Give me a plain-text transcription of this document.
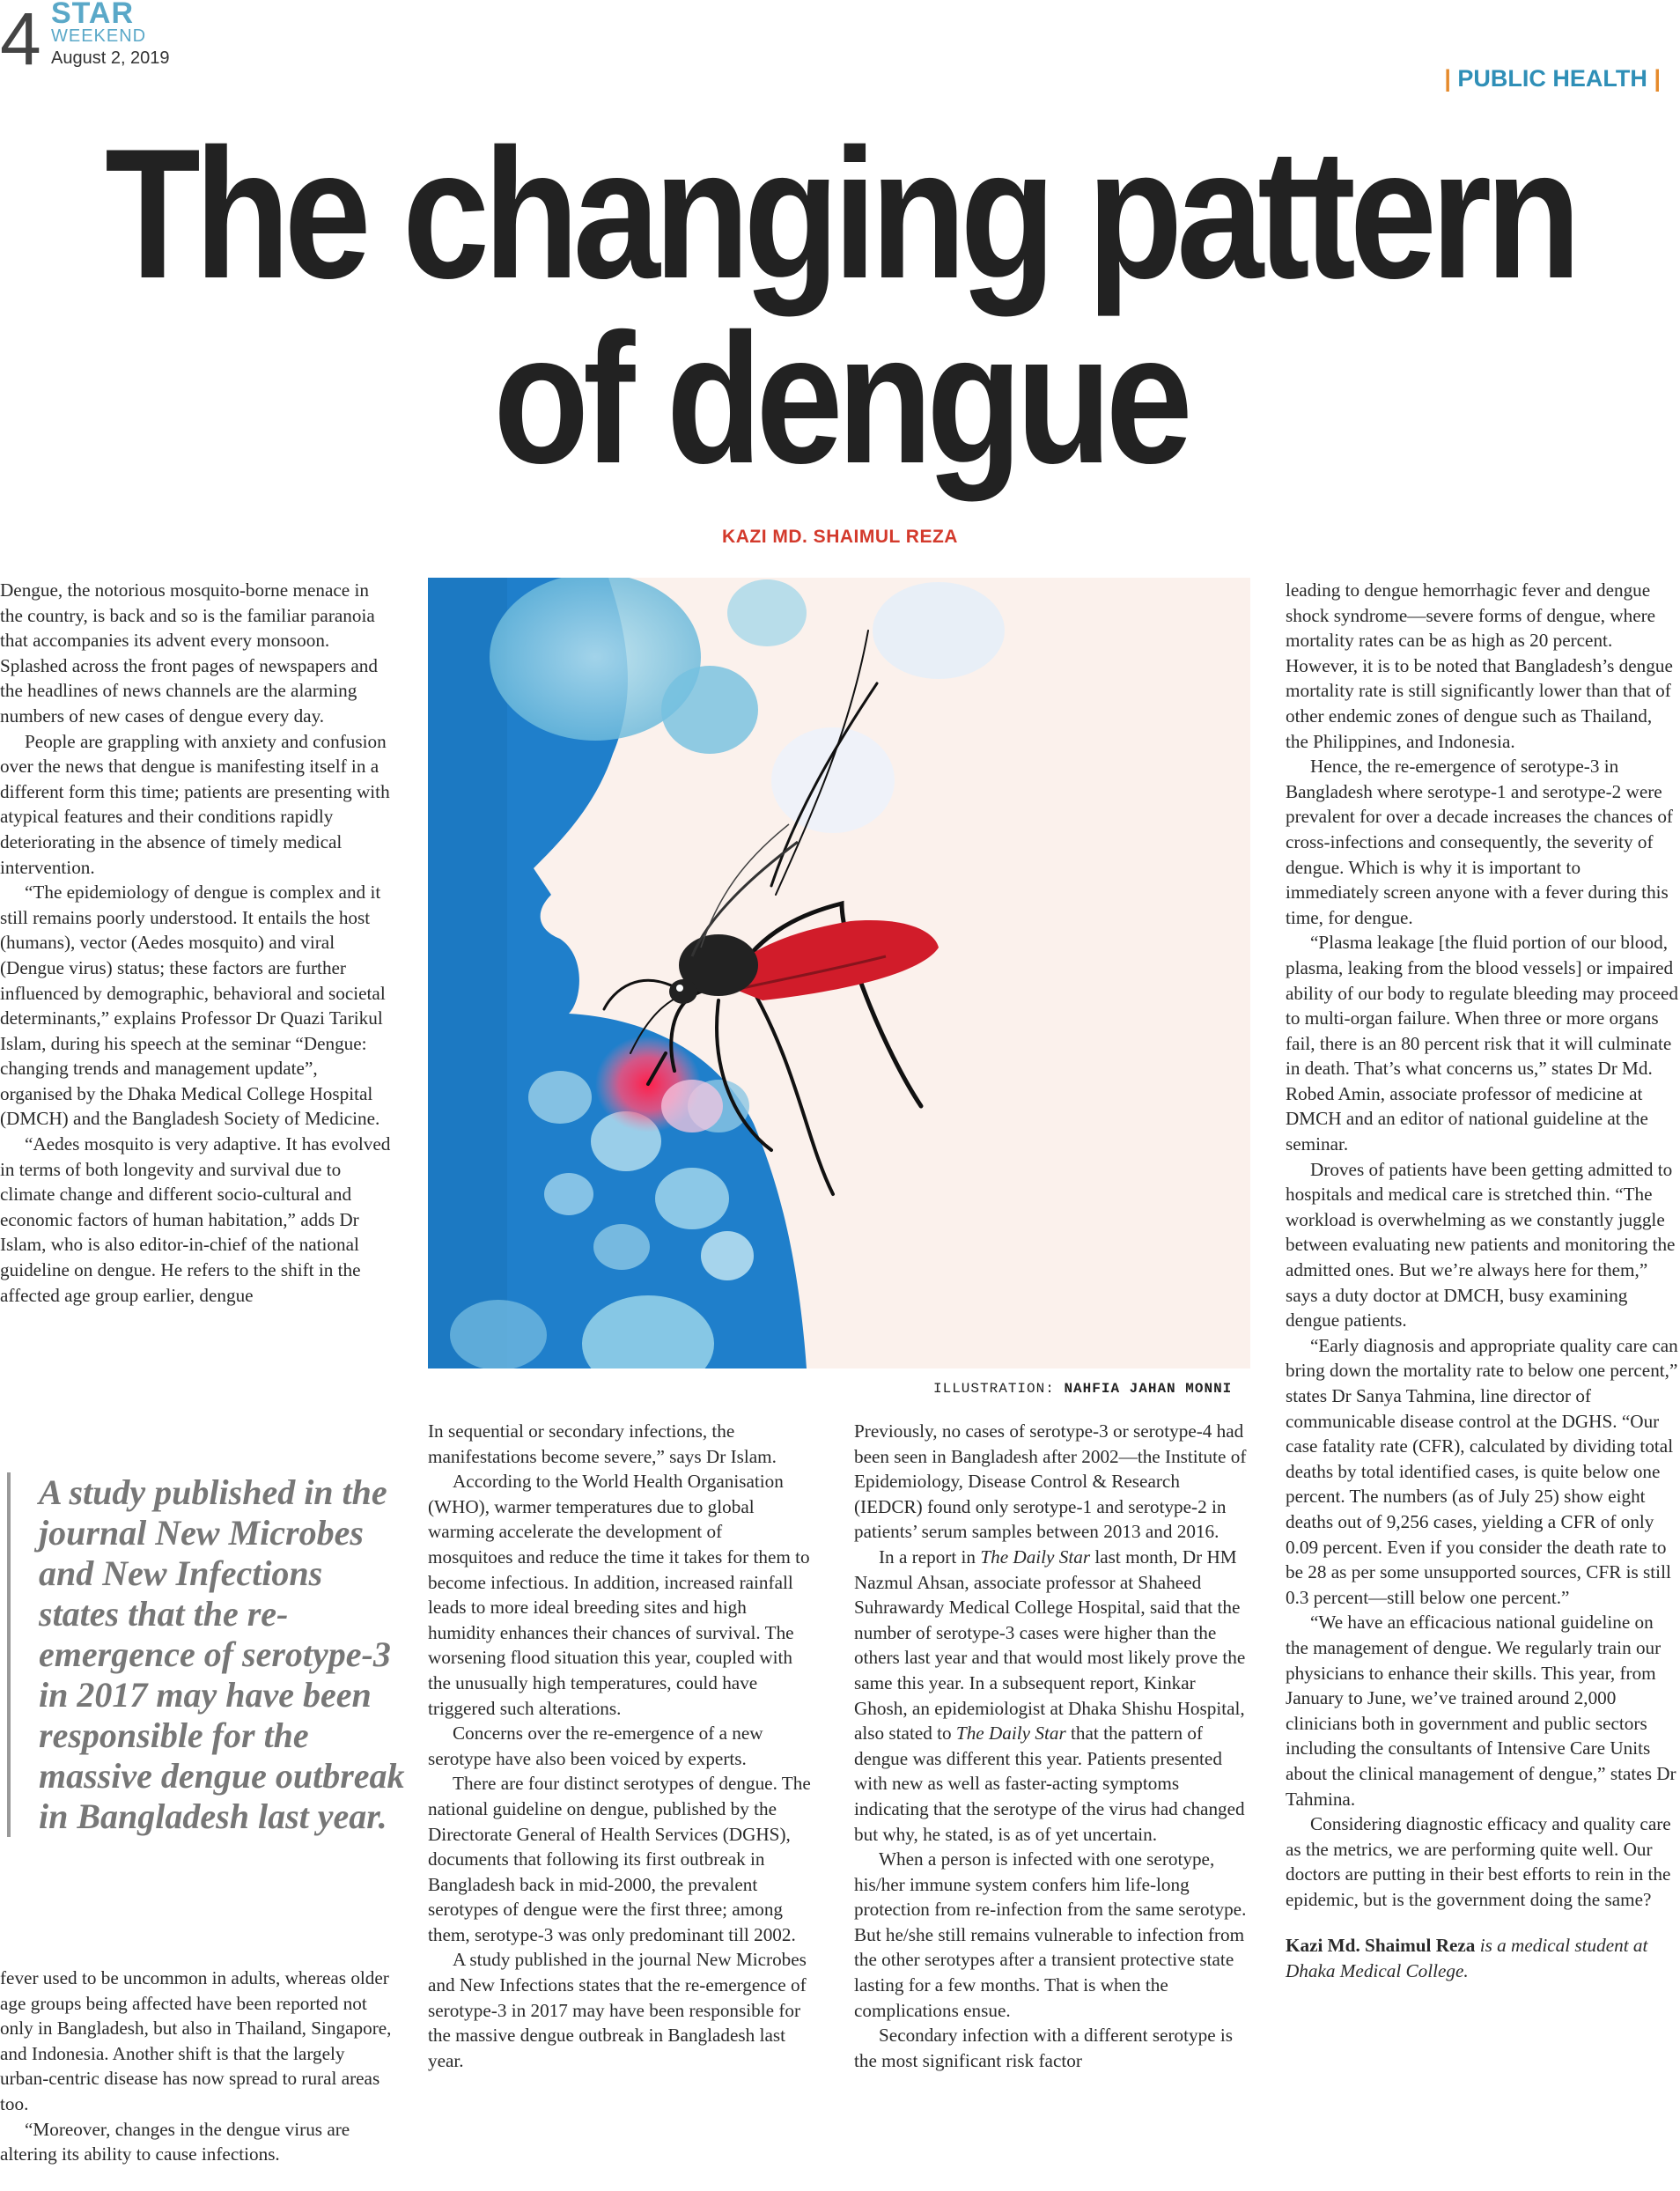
4 STAR
WEEKEND
August 2, 2019
| PUBLIC HEALTH |
The changing pattern
of dengue
KAZI MD. SHAIMUL REZA

Dengue, the notorious mosquito-borne menace in the country, is back and so is the familiar paranoia that accompanies its advent every monsoon. Splashed across the front pages of newspapers and the headlines of news channels are the alarming numbers of new cases of dengue every day.

People are grappling with anxiety and confusion over the news that dengue is manifesting itself in a different form this time; patients are presenting with atypical features and their conditions rapidly deteriorating in the absence of timely medical intervention.

“The epidemiology of dengue is complex and it still remains poorly understood. It entails the host (humans), vector (Aedes mosquito) and viral (Dengue virus) status; these factors are further influenced by demographic, behavioral and societal determinants,” explains Professor Dr Quazi Tarikul Islam, during his speech at the seminar “Dengue: changing trends and management update”, organised by the Dhaka Medical College Hospital (DMCH) and the Bangladesh Society of Medicine.

“Aedes mosquito is very adaptive. It has evolved in terms of both longevity and survival due to climate change and different socio-cultural and economic factors of human habitation,” adds Dr Islam, who is also editor-in-chief of the national guideline on dengue. He refers to the shift in the affected age group earlier, dengue

A study published in the journal New Microbes and New Infections states that the re-emergence of serotype-3 in 2017 may have been responsible for the massive dengue outbreak in Bangladesh last year.

fever used to be uncommon in adults, whereas older age groups being affected have been reported not only in Bangladesh, but also in Thailand, Singapore, and Indonesia. Another shift is that the largely urban-centric disease has now spread to rural areas too.

“Moreover, changes in the dengue virus are altering its ability to cause infections.

ILLUSTRATION: NAHFIA JAHAN MONNI

In sequential or secondary infections, the manifestations become severe,” says Dr Islam.

According to the World Health Organisation (WHO), warmer temperatures due to global warming accelerate the development of mosquitoes and reduce the time it takes for them to become infectious. In addition, increased rainfall leads to more ideal breeding sites and high humidity enhances their chances of survival. The worsening flood situation this year, coupled with the unusually high temperatures, could have triggered such alterations.

Concerns over the re-emergence of a new serotype have also been voiced by experts.

There are four distinct serotypes of dengue. The national guideline on dengue, published by the Directorate General of Health Services (DGHS), documents that following its first outbreak in Bangladesh back in mid-2000, the prevalent serotypes of dengue were the first three; among them, serotype-3 was only predominant till 2002.

A study published in the journal New Microbes and New Infections states that the re-emergence of serotype-3 in 2017 may have been responsible for the massive dengue outbreak in Bangladesh last year.

Previously, no cases of serotype-3 or serotype-4 had been seen in Bangladesh after 2002—the Institute of Epidemiology, Disease Control & Research (IEDCR) found only serotype-1 and serotype-2 in patients’ serum samples between 2013 and 2016.

In a report in The Daily Star last month, Dr HM Nazmul Ahsan, associate professor at Shaheed Suhrawardy Medical College Hospital, said that the number of serotype-3 cases were higher than the others last year and that would most likely prove the same this year. In a subsequent report, Kinkar Ghosh, an epidemiologist at Dhaka Shishu Hospital, also stated to The Daily Star that the pattern of dengue was different this year. Patients presented with new as well as faster-acting symptoms indicating that the serotype of the virus had changed but why, he stated, is as of yet uncertain.

When a person is infected with one serotype, his/her immune system confers him life-long protection from re-infection from the same serotype. But he/she still remains vulnerable to infection from the other serotypes after a transient protective state lasting for a few months. That is when the complications ensue.

Secondary infection with a different serotype is the most significant risk factor

leading to dengue hemorrhagic fever and dengue shock syndrome—severe forms of dengue, where mortality rates can be as high as 20 percent. However, it is to be noted that Bangladesh’s dengue mortality rate is still significantly lower than that of other endemic zones of dengue such as Thailand, the Philippines, and Indonesia.

Hence, the re-emergence of serotype-3 in Bangladesh where serotype-1 and serotype-2 were prevalent for over a decade increases the chances of cross-infections and consequently, the severity of dengue. Which is why it is important to immediately screen anyone with a fever during this time, for dengue.

“Plasma leakage [the fluid portion of our blood, plasma, leaking from the blood vessels] or impaired ability of our body to regulate bleeding may proceed to multi-organ failure. When three or more organs fail, there is an 80 percent risk that it will culminate in death. That’s what concerns us,” states Dr Md. Robed Amin, associate professor of medicine at DMCH and an editor of national guideline at the seminar.

Droves of patients have been getting admitted to hospitals and medical care is stretched thin. “The workload is overwhelming as we constantly juggle between evaluating new patients and monitoring the admitted ones. But we’re always here for them,” says a duty doctor at DMCH, busy examining dengue patients.

“Early diagnosis and appropriate quality care can bring down the mortality rate to below one percent,” states Dr Sanya Tahmina, line director of communicable disease control at the DGHS. “Our case fatality rate (CFR), calculated by dividing total deaths by total identified cases, is quite below one percent. The numbers (as of July 25) show eight deaths out of 9,256 cases, yielding a CFR of only 0.09 percent. Even if you consider the death rate to be 28 as per some unsupported sources, CFR is still 0.3 percent—still below one percent.”

“We have an efficacious national guideline on the management of dengue. We regularly train our physicians to enhance their skills. This year, from January to June, we’ve trained around 2,000 clinicians both in government and public sectors including the consultants of Intensive Care Units about the clinical management of dengue,” states Dr Tahmina.

Considering diagnostic efficacy and quality care as the metrics, we are performing quite well. Our doctors are putting in their best efforts to rein in the epidemic, but is the government doing the same?

Kazi Md. Shaimul Reza is a medical student at Dhaka Medical College.
